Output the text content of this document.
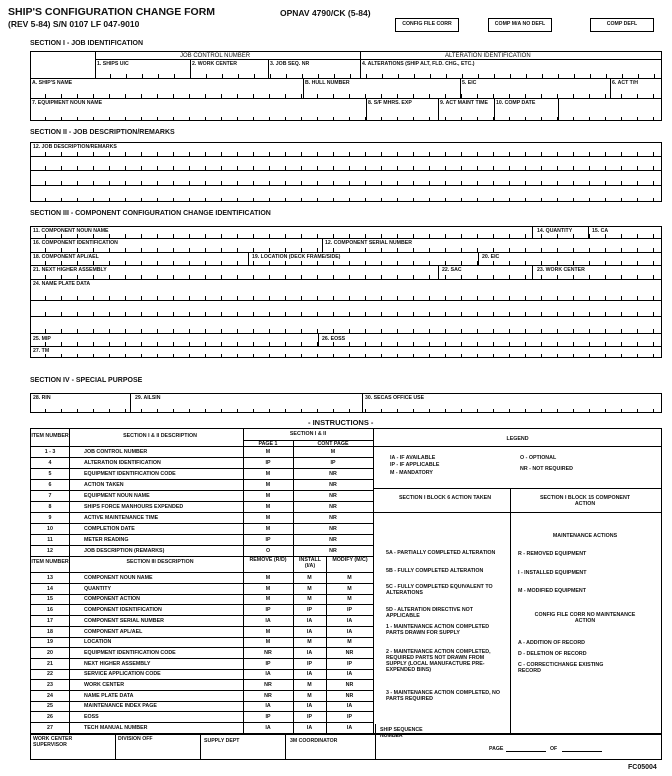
SHIP'S CONFIGURATION CHANGE FORM	OPNAV 4790/CK (5-84)
(REV 5-84) S/N 0107 LF 047-9010	CONFIG FILE CORR	COMP M/A NO DEFL	COMP DEFL
SECTION I - JOB IDENTIFICATION
JOB CONTROL NUMBER	ALTERATION IDENTIFICATION
1. SHIPS UIC	2. WORK CENTER	3. JOB SEQ. NR	4. ALTERATIONS (SHIP ALT, FLD. CHG., ETC.)
A. SHIP'S NAME	B. HULL NUMBER	5. EIC	6. ACT T/H
7. EQUIPMENT NOUN NAME	8. S/F MHRS. EXP	9. ACT MAINT TIME	10. COMP DATE
SECTION II - JOB DESCRIPTION/REMARKS
12. JOB DESCRIPTION/REMARKS
SECTION III - COMPONENT CONFIGURATION CHANGE IDENTIFICATION
11. COMPONENT NOUN NAME	14. QUANTITY	15. CA
16. COMPONENT IDENTIFICATION	12. COMPONENT SERIAL NUMBER
18. COMPONENT APL/AEL	19. LOCATION (DECK FRAME/SIDE)	20. EIC
21. NEXT HIGHER ASSEMBLY	22. SAC	23. WORK CENTER
24. NAME PLATE DATA
25. MIP	26. EOSS
27. TM
SECTION IV - SPECIAL PURPOSE
28. RIN	29. AILSIN	30. SECAS OFFICE USE
- INSTRUCTIONS -
ITEM NUMBER	SECTION I & II DESCRIPTION	SECTION I & II
PAGE 1	CONT PAGE
1 - 3	JOB CONTROL NUMBER	M	M
4	ALTERATION IDENTIFICATION	IP	IP
5	EQUIPMENT IDENTIFICATION CODE	M	NR
6	ACTION TAKEN	M	NR
7	EQUIPMENT NOUN NAME	M	NR
8	SHIPS FORCE MANHOURS EXPENDED	M	NR
9	ACTIVE MAINTENANCE TIME	M	NR
10	COMPLETION DATE	M	NR
11	METER READING	IP	NR
12	JOB DESCRIPTION (REMARKS)	O	NR
ITEM NUMBER	SECTION III DESCRIPTION	REMOVE (R/D)	INSTALL (I/A)
MODIFY (M/C)
13	COMPONENT NOUN NAME	M	M	M
14	QUANTITY	M	M	M
15	COMPONENT ACTION	M	M	M
16	COMPONENT IDENTIFICATION	IP	IP	IP
17	COMPONENT SERIAL NUMBER	IA	IA	IA
18	COMPONENT APL/AEL	M	IA	IA
19	LOCATION	M	M	M
20	EQUIPMENT IDENTIFICATION CODE	NR	IA	NR
21	NEXT HIGHER ASSEMBLY	IP	IP	IP
22	SERVICE APPLICATION CODE	IA	IA	IA
23	WORK CENTER	NR	M	NR
24	NAME PLATE DATA	NR	M	NR
25	MAINTENANCE INDEX PAGE	IA	IA	IA
26	EOSS	IP	IP	IP
27	TECH MANUAL NUMBER	IA	IA	IA
LEGEND
IA - IF AVAILABLE
IP - IF APPLICABLE
M - MANDATORY
O - OPTIONAL
NR - NOT REQUIRED
SECTION I BLOCK 6 ACTION TAKEN	SECTION I BLOCK 15 COMPONENT ACTION
5A - PARTIALLY COMPLETED ALTERATION
5B - FULLY COMPLETED ALTERATION
5C - FULLY COMPLETED EQUIVALENT TO ALTERATIONS
5D - ALTERATION DIRECTIVE NOT APPLICABLE
1 - MAINTENANCE ACTION COMPLETED PARTS DRAWN FOR SUPPLY
2 - MAINTENANCE ACTION COMPLETED, REQUIRED PARTS NOT DRAWN FROM SUPPLY (LOCAL MANUFACTURE PRE-EXPENDED BINS)
3 - MAINTENANCE ACTION COMPLETED, NO PARTS REQUIRED
MAINTENANCE ACTIONS
R - REMOVED EQUIPMENT
I - INSTALLED EQUIPMENT
M - MODIFIED EQUIPMENT
CONFIG FILE CORR NO MAINTENANCE ACTION
A - ADDITION OF RECORD
D - DELETION OF RECORD
C - CORRECT/CHANGE EXISTING RECORD
WORK CENTER SUPERVISOR
DIVISION OFF	SUPPLY DEPT	3M COORDINATOR
SHIP SEQUENCE NUMBER
PAGE	OF
FC05004
